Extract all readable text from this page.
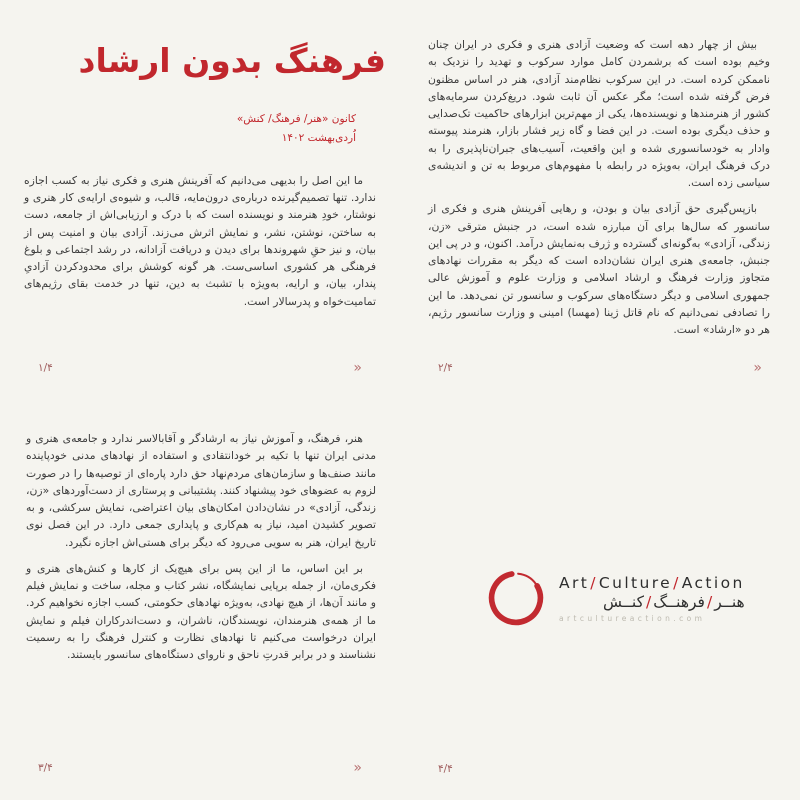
فرهنگ بدون ارشاد
کانون «هنر/ فرهنگ/ کنش»
اُردی‌بهشت ۱۴۰۲

ما این اصل را بدیهی می‌دانیم که آفرینش هنری و فکری نیاز به کسب اجازه ندارد. تنها تصمیم‌گیرنده درباره‌ی درون‌مایه، قالب، و شیوه‌ی ارایه‌ی کار هنری و نوشتار، خودِ هنرمند و نویسنده است که با درک و ارزیابی‌اش از جامعه، دست به ساختن، نوشتن، نشر، و نمایش اثرش می‌زند. آزادی بیان و امنیت پس از بیان، و نیز حقِ شهروندها برای دیدن و دریافت آزادانه، در رشد اجتماعی و بلوغ فرهنگی هر کشوری اساسی‌ست. هر گونه کوشش برای محدودکردن آزادیِ پندار، بیان، و ارایه، به‌ویژه با تشبث به دین، تنها در خدمت بقای رژیم‌های تمامیت‌خواه و پدرسالار است.

۱/۴	»

بیش از چهار دهه است که وضعیت آزادی هنری و فکری در ایران چنان وخیم بوده است که برشمردن کامل موارد سرکوب و تهدید را نزدیک به ناممکن کرده است. در این سرکوب نظام‌مند آزادی، هنر در اساس مظنون فرض گرفته شده است؛ مگر عکس آن ثابت شود. دریغ‌کردن سرمایه‌های کشور از هنرمندها و نویسنده‌ها، یکی از مهم‌ترین ابزارهای حاکمیت تک‌صدایی و حذف دیگری بوده است. در این فضا و گاه زیر فشار بازار، هنرمند پیوسته وادار به خودسانسوری شده و این واقعیت، آسیب‌های جبران‌ناپذیری را به درک فرهنگ ایران، به‌ویژه در رابطه با مفهوم‌های مربوط به تن و اندیشه‌ی سیاسی زده است.

بازپس‌گیری حق آزادی بیان و بودن، و رهایی آفرینش هنری و فکری از سانسور که سال‌ها برای آن مبارزه شده است، در جنبش مترقی «زن، زندگی، آزادی» به‌گونه‌ای گسترده و ژرف به‌نمایش درآمد. اکنون، و در پی این جنبش، جامعه‌ی هنری ایران نشان‌داده است که دیگر به مقررات نهادهای متجاوز وزارت فرهنگ و ارشاد اسلامی و وزارت علوم و آموزش عالی جمهوری اسلامی و دیگر دستگاه‌های سرکوب و سانسور تن نمی‌دهد. ما این را تصادفی نمی‌دانیم که نام قاتل ژینا (مهسا) امینی و وزارت سانسور رژیم، هر دو «ارشاد» است.

۲/۴	»

هنر، فرهنگ، و آموزش نیاز به ارشادگر و آقابالاسر ندارد و جامعه‌ی هنری و مدنی ایران تنها با تکیه بر خودانتقادی و استفاده از نهادهای مدنی خودپاینده مانند صنف‌ها و سازمان‌های مردم‌نهاد حق دارد پاره‌ای از توصیه‌ها را در صورت لزوم به عضوهای خود پیشنهاد کنند. پشتیبانی و پرستاری از دست‌آوردهای «زن، زندگی، آزادی» در نشان‌دادن امکان‌های بیان اعتراضی، نمایش سرکشی، و به تصویر کشیدن امید، نیاز به هم‌کاری و پایداری جمعی دارد. در این فصل نوی تاریخ ایران، هنر به سویی می‌رود که دیگر برای هستی‌اش اجازه نگیرد.

بر این اساس، ما از این پس برای هیچ‌یک از کارها و کنش‌های هنری و فکری‌مان، از جمله برپایی نمایشگاه، نشر کتاب و مجله، ساخت و نمایش فیلم و مانند آن‌ها، از هیچ نهادی، به‌ویژه نهادهای حکومتی، کسب اجازه نخواهیم کرد. ما از همه‌ی هنرمندان، نویسندگان، ناشران، و دست‌اندرکاران فیلم و نمایش ایران درخواست می‌کنیم تا نهادهای نظارت و کنترل فرهنگ را به رسمیت نشناسند و در برابر قدرتِ ناحق و ناروای دستگاه‌های سانسور بایستند.

۳/۴	»
Art/Culture/Action
هنــر/فرهنــگ/کنــش
artcultureaction.com
۴/۴
